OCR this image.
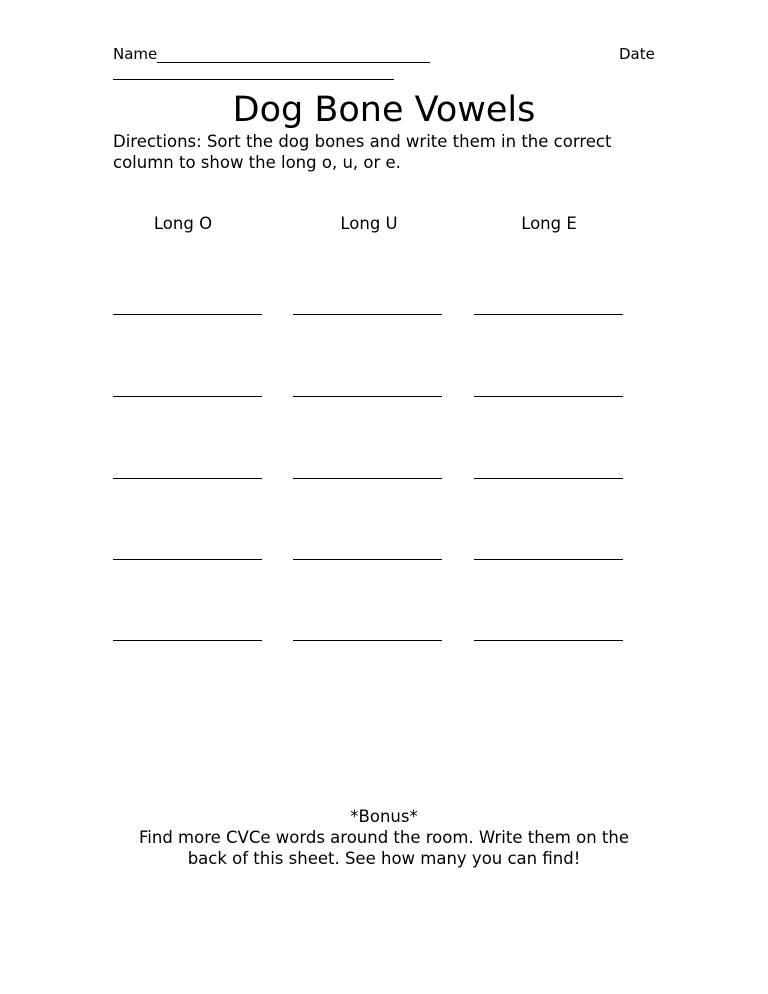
Name	Date
Dog Bone Vowels
Directions: Sort the dog bones and write them in the correct column to show the long o, u, or e.
Long O	Long U	Long E
*Bonus*
Find more CVCe words around the room. Write them on the
back of this sheet. See how many you can find!
